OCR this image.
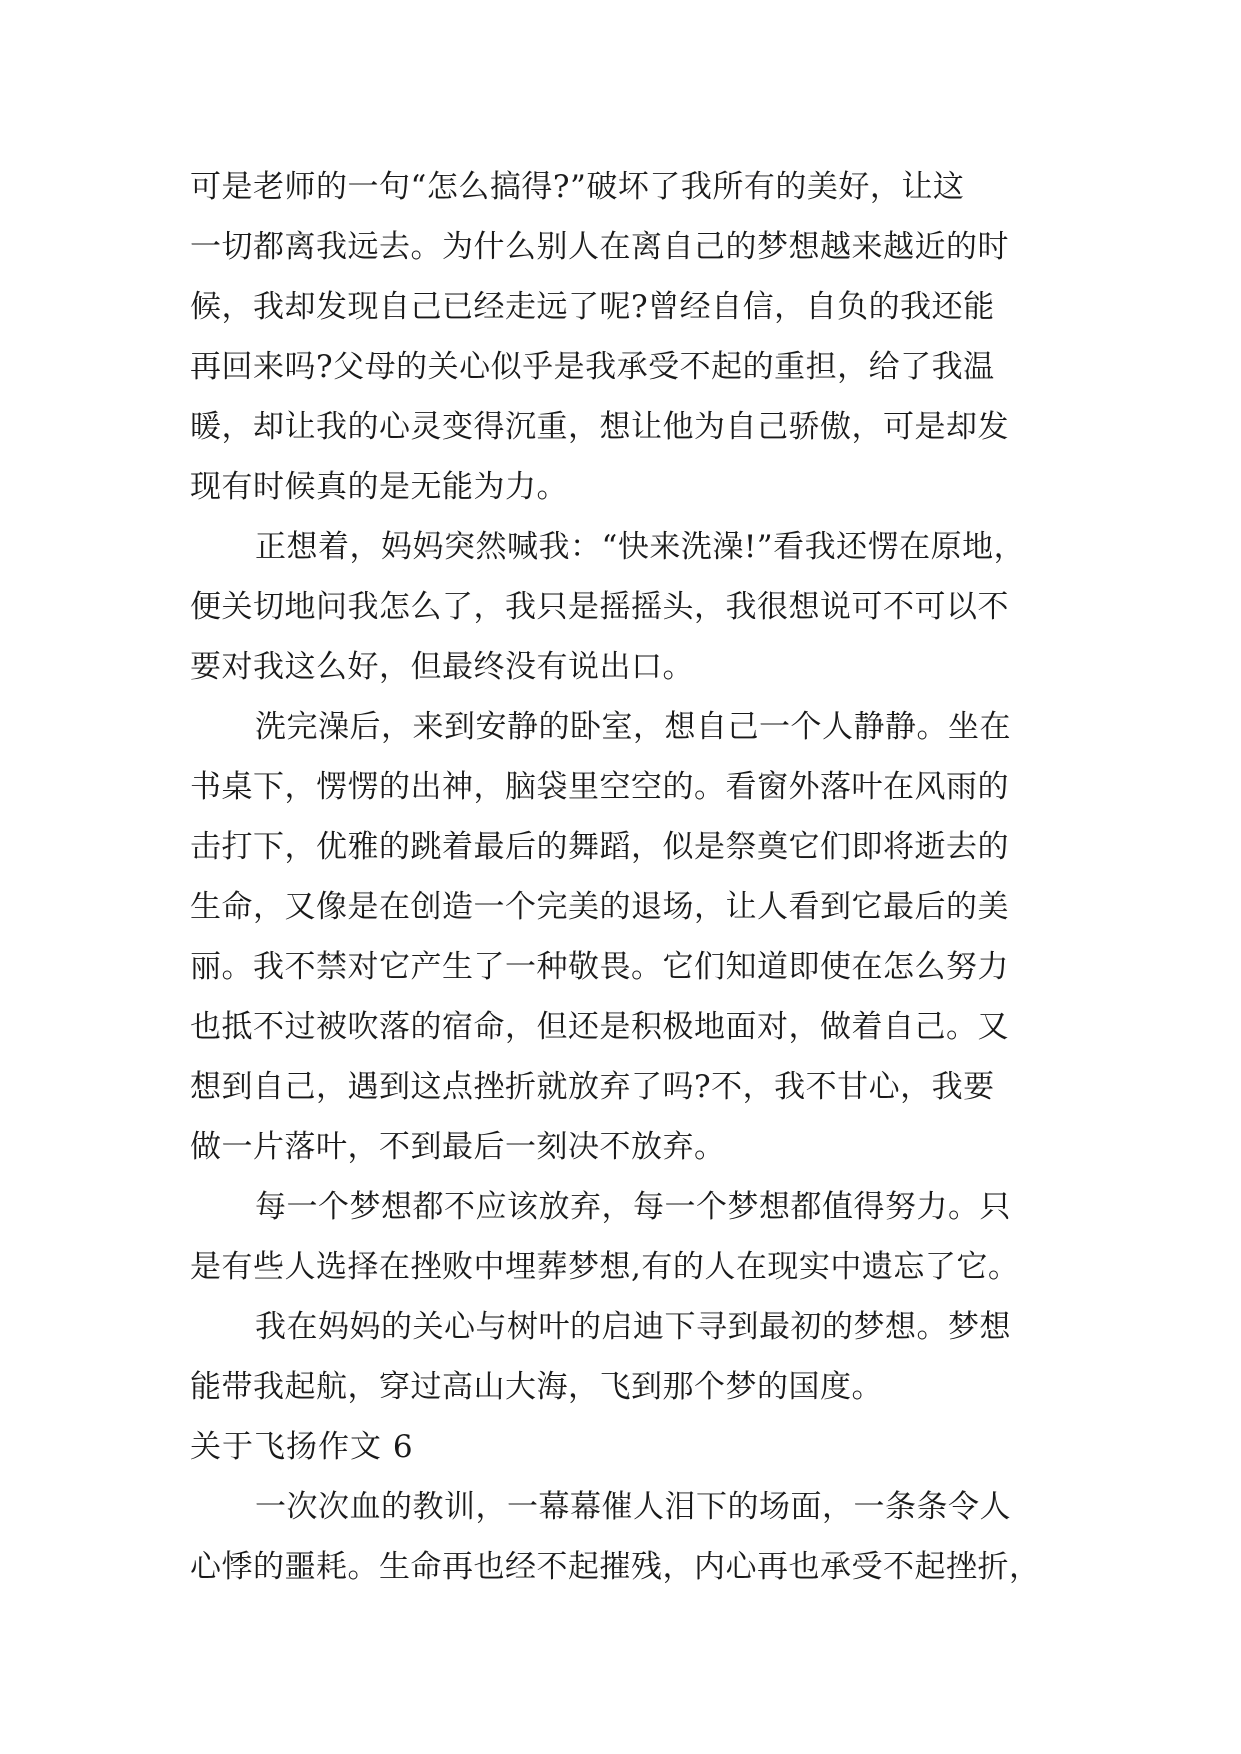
可是老师的一句“怎么搞得?”破坏了我所有的美好，让这
一切都离我远去。为什么别人在离自己的梦想越来越近的时
候，我却发现自己已经走远了呢?曾经自信，自负的我还能
再回来吗?父母的关心似乎是我承受不起的重担，给了我温
暖，却让我的心灵变得沉重，想让他为自己骄傲，可是却发
现有时候真的是无能为力。
正想着，妈妈突然喊我：“快来洗澡!”看我还愣在原地，
便关切地问我怎么了，我只是摇摇头，我很想说可不可以不
要对我这么好，但最终没有说出口。
洗完澡后，来到安静的卧室，想自己一个人静静。坐在
书桌下，愣愣的出神，脑袋里空空的。看窗外落叶在风雨的
击打下，优雅的跳着最后的舞蹈，似是祭奠它们即将逝去的
生命，又像是在创造一个完美的退场，让人看到它最后的美
丽。我不禁对它产生了一种敬畏。它们知道即使在怎么努力
也抵不过被吹落的宿命，但还是积极地面对，做着自己。又
想到自己，遇到这点挫折就放弃了吗?不，我不甘心，我要
做一片落叶，不到最后一刻决不放弃。
每一个梦想都不应该放弃，每一个梦想都值得努力。只
是有些人选择在挫败中埋葬梦想,有的人在现实中遗忘了它。
我在妈妈的关心与树叶的启迪下寻到最初的梦想。梦想
能带我起航，穿过高山大海，飞到那个梦的国度。
关于飞扬作文 6
一次次血的教训，一幕幕催人泪下的场面，一条条令人
心悸的噩耗。生命再也经不起摧残，内心再也承受不起挫折，
